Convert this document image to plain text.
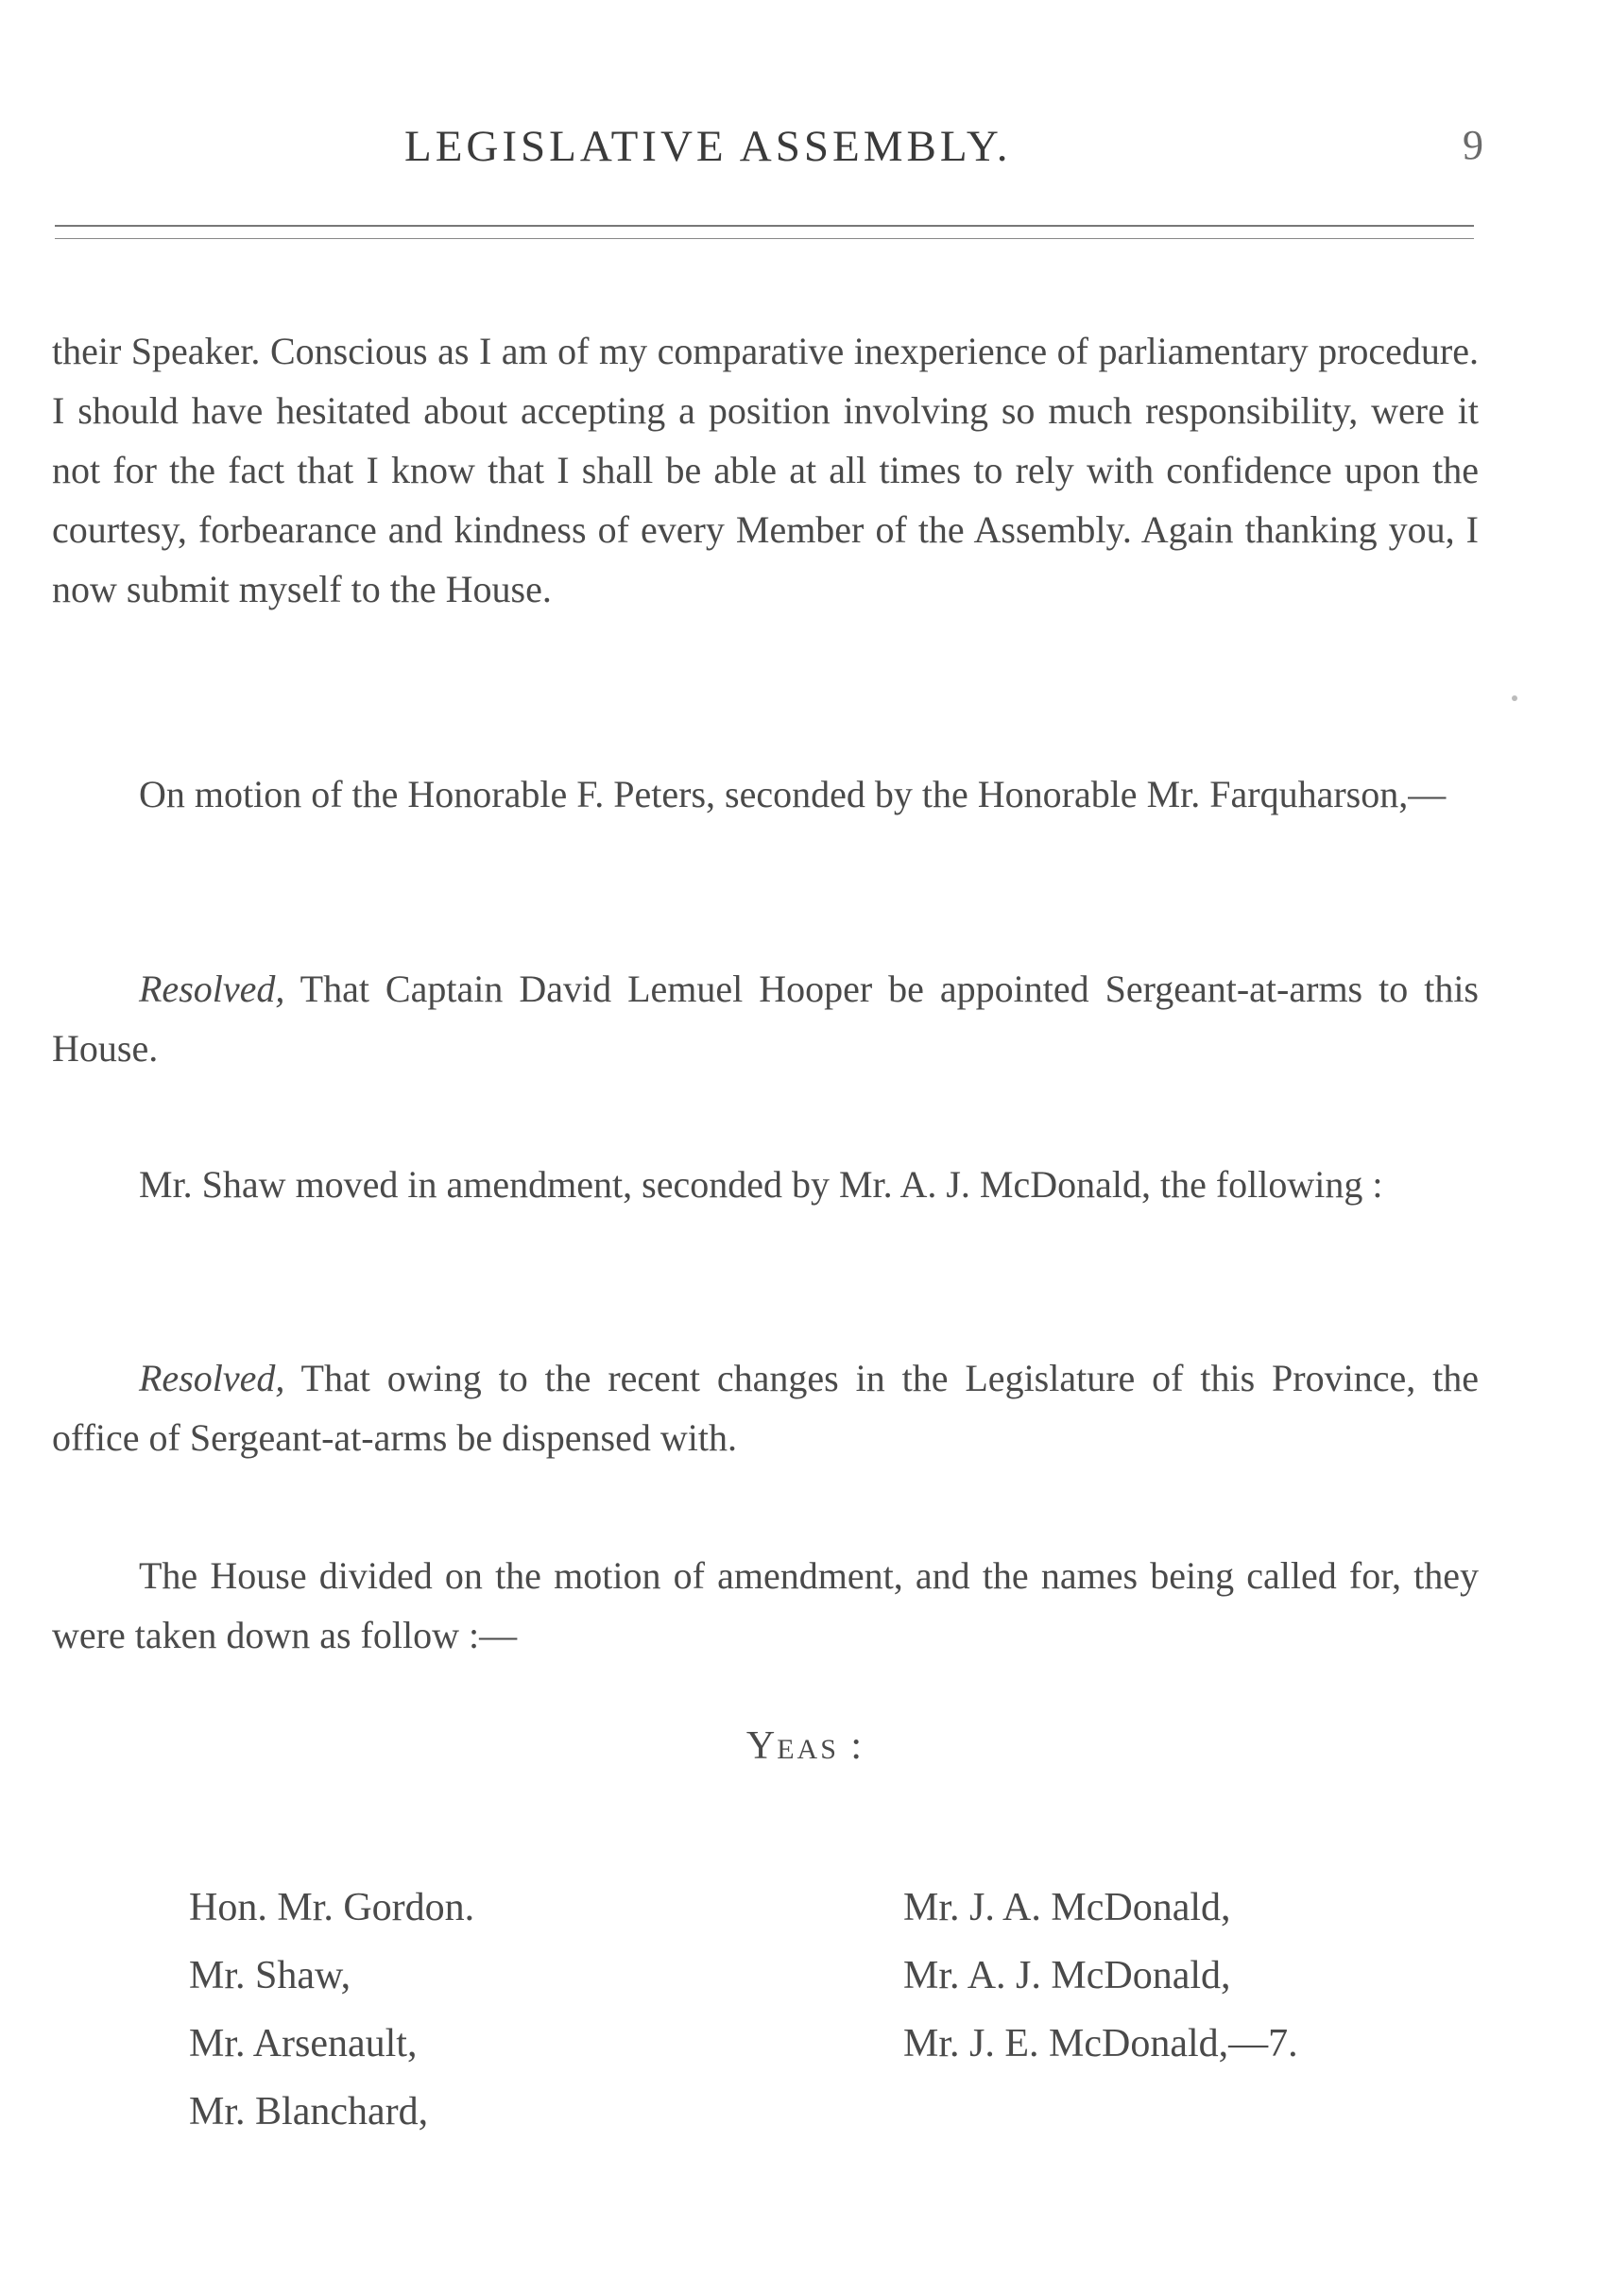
LEGISLATIVE ASSEMBLY.	9

their Speaker. Conscious as I am of my comparative inexperience of parliamentary procedure. I should have hesitated about accepting a position involving so much responsibility, were it not for the fact that I know that I shall be able at all times to rely with confidence upon the courtesy, forbearance and kindness of every Member of the Assembly. Again thanking you, I now submit myself to the House.

On motion of the Honorable F. Peters, seconded by the Honorable Mr. Farquharson,—

Resolved, That Captain David Lemuel Hooper be appointed Sergeant-at-arms to this House.

Mr. Shaw moved in amendment, seconded by Mr. A. J. McDonald, the following :

Resolved, That owing to the recent changes in the Legislature of this Province, the office of Sergeant-at-arms be dispensed with.

The House divided on the motion of amendment, and the names being called for, they were taken down as follow :—

YEAS :
Hon. Mr. Gordon.
Mr. Shaw,
Mr. Arsenault,
Mr. Blanchard,
Mr. J. A. McDonald,
Mr. A. J. McDonald,
Mr. J. E. McDonald,—7.
